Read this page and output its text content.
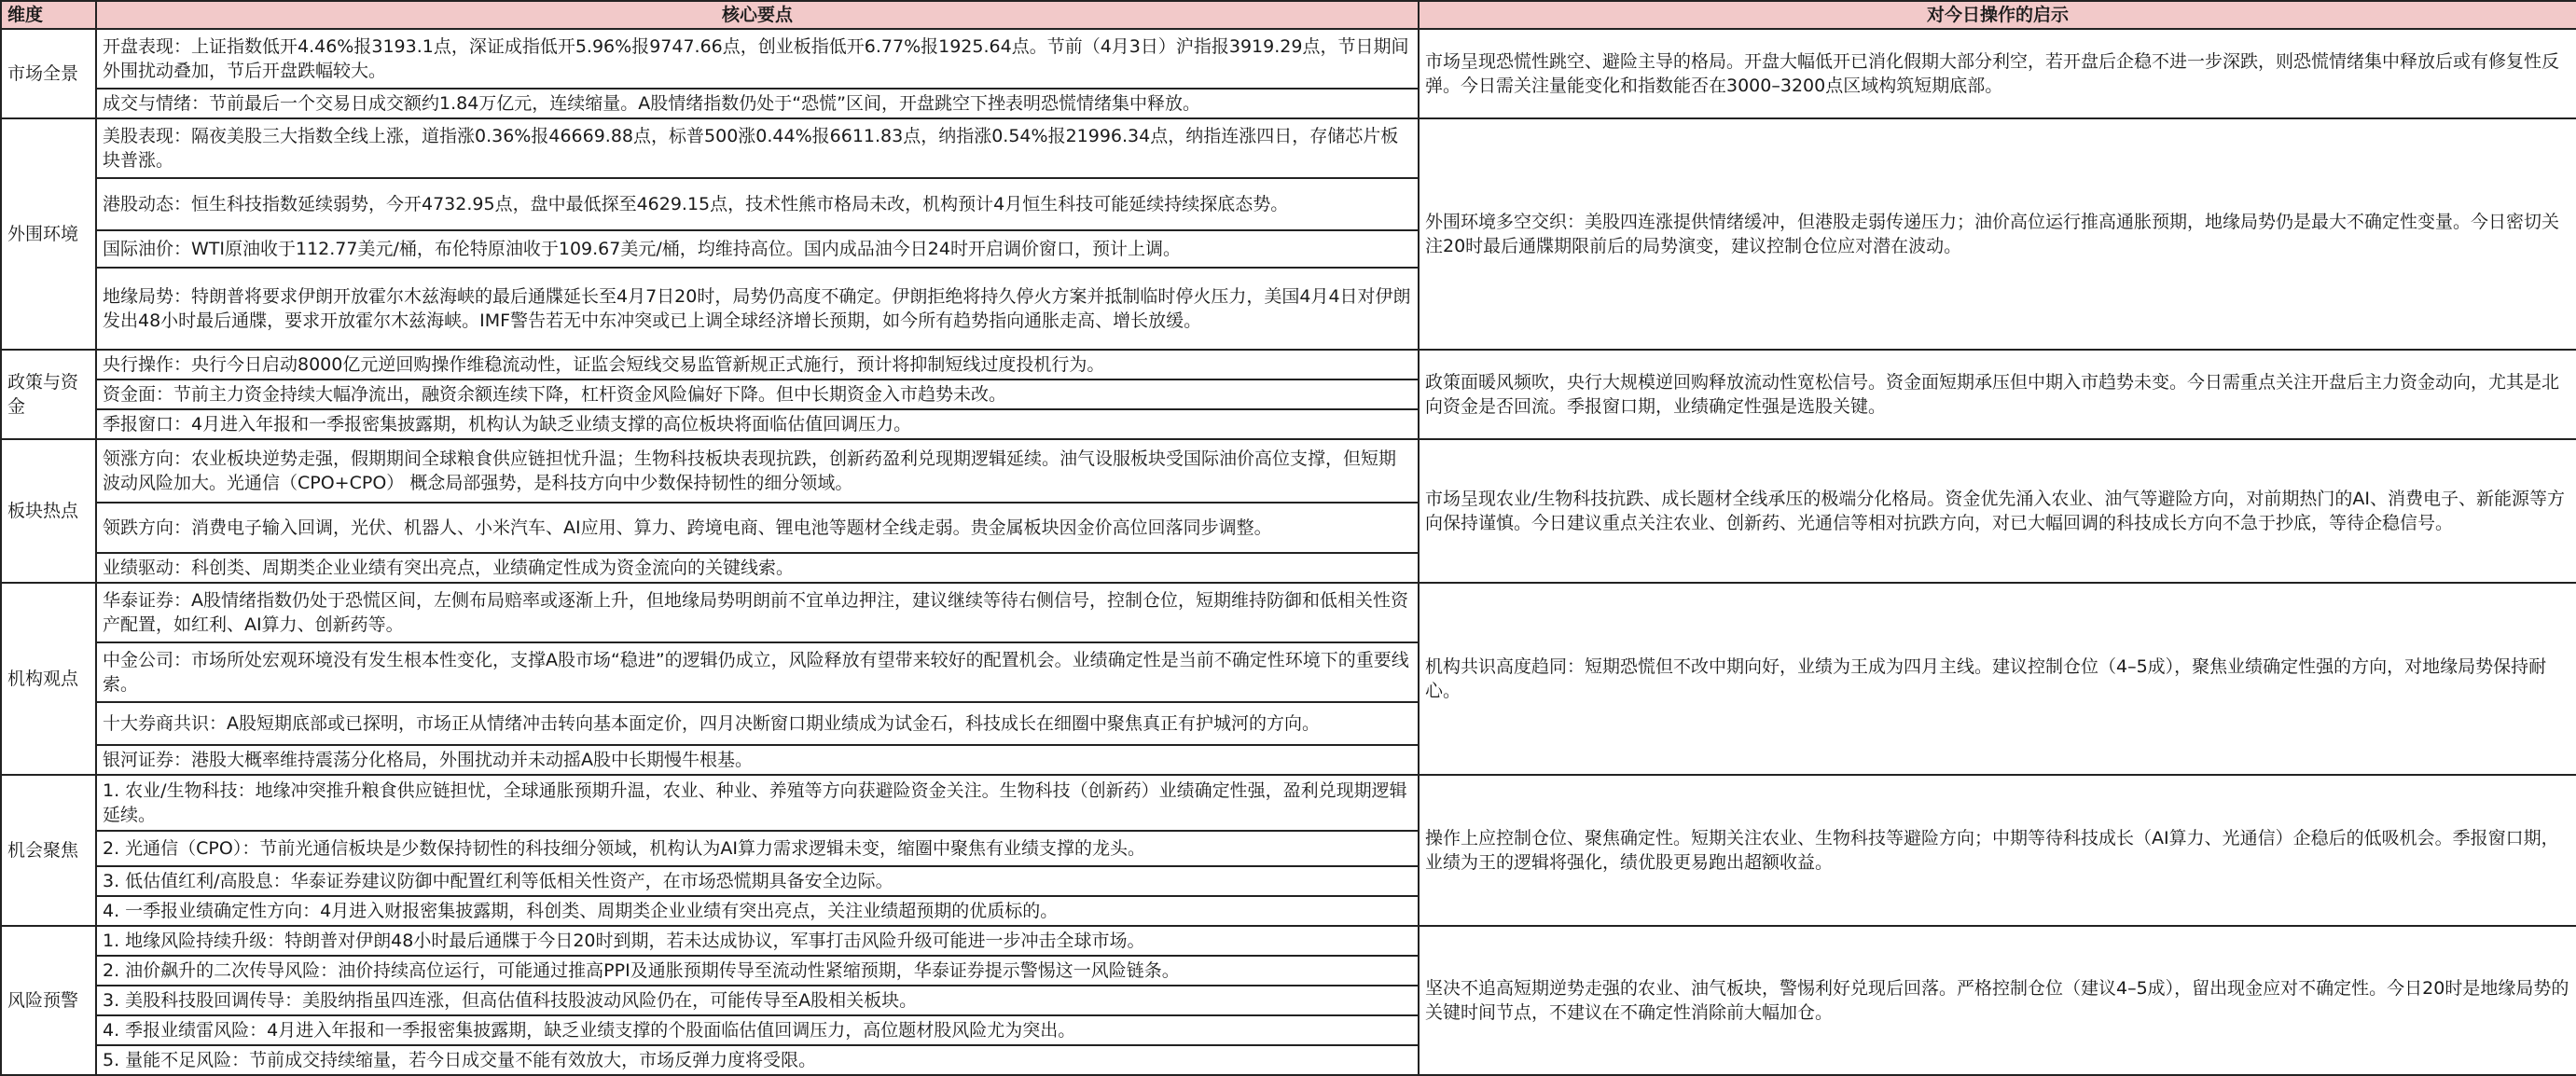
维度	核心要点	对今日操作的启示
市场全景	开盘表现：上证指数低开4.46%报3193.1点，深证成指低开5.96%报9747.66点，创业板指低开6.77%报1925.64点。节前（4月3日）沪指报3919.29点，节日期间外围扰动叠加，节后开盘跌幅较大。	市场呈现恐慌性跳空、避险主导的格局。开盘大幅低开已消化假期大部分利空，若开盘后企稳不进一步深跌，则恐慌情绪集中释放后或有修复性反弹。今日需关注量能变化和指数能否在3000–3200点区域构筑短期底部。
	成交与情绪：节前最后一个交易日成交额约1.84万亿元，连续缩量。A股情绪指数仍处于“恐慌”区间，开盘跳空下挫表明恐慌情绪集中释放。	
外围环境	美股表现：隔夜美股三大指数全线上涨，道指涨0.36%报46669.88点，标普500涨0.44%报6611.83点，纳指涨0.54%报21996.34点，纳指连涨四日，存储芯片板块普涨。	外围环境多空交织：美股四连涨提供情绪缓冲，但港股走弱传递压力；油价高位运行推高通胀预期，地缘局势仍是最大不确定性变量。今日密切关注20时最后通牒期限前后的局势演变，建议控制仓位应对潜在波动。
	港股动态：恒生科技指数延续弱势，今开4732.95点，盘中最低探至4629.15点，技术性熊市格局未改，机构预计4月恒生科技可能延续持续探底态势。	
	国际油价：WTI原油收于112.77美元/桶，布伦特原油收于109.67美元/桶，均维持高位。国内成品油今日24时开启调价窗口，预计上调。	
	地缘局势：特朗普将要求伊朗开放霍尔木兹海峡的最后通牒延长至4月7日20时，局势仍高度不确定。伊朗拒绝将持久停火方案并抵制临时停火压力，美国4月4日对伊朗发出48小时最后通牒，要求开放霍尔木兹海峡。IMF警告若无中东冲突或已上调全球经济增长预期，如今所有趋势指向通胀走高、增长放缓。	
政策与资金	央行操作：央行今日启动8000亿元逆回购操作维稳流动性，证监会短线交易监管新规正式施行，预计将抑制短线过度投机行为。	政策面暖风频吹，央行大规模逆回购释放流动性宽松信号。资金面短期承压但中期入市趋势未变。今日需重点关注开盘后主力资金动向，尤其是北向资金是否回流。季报窗口期，业绩确定性强是选股关键。
	资金面：节前主力资金持续大幅净流出，融资余额连续下降，杠杆资金风险偏好下降。但中长期资金入市趋势未改。	
	季报窗口：4月进入年报和一季报密集披露期，机构认为缺乏业绩支撑的高位板块将面临估值回调压力。	
板块热点	领涨方向：农业板块逆势走强，假期期间全球粮食供应链担忧升温；生物科技板块表现抗跌，创新药盈利兑现期逻辑延续。油气设服板块受国际油价高位支撑，但短期波动风险加大。光通信（CPO+CPO） 概念局部强势，是科技方向中少数保持韧性的细分领域。	市场呈现农业/生物科技抗跌、成长题材全线承压的极端分化格局。资金优先涌入农业、油气等避险方向，对前期热门的AI、消费电子、新能源等方向保持谨慎。今日建议重点关注农业、创新药、光通信等相对抗跌方向，对已大幅回调的科技成长方向不急于抄底，等待企稳信号。
	领跌方向：消费电子输入回调，光伏、机器人、小米汽车、AI应用、算力、跨境电商、锂电池等题材全线走弱。贵金属板块因金价高位回落同步调整。	
	业绩驱动：科创类、周期类企业业绩有突出亮点，业绩确定性成为资金流向的关键线索。	
机构观点	华泰证券：A股情绪指数仍处于恐慌区间，左侧布局赔率或逐渐上升，但地缘局势明朗前不宜单边押注，建议继续等待右侧信号，控制仓位，短期维持防御和低相关性资产配置，如红利、AI算力、创新药等。	机构共识高度趋同：短期恐慌但不改中期向好，业绩为王成为四月主线。建议控制仓位（4–5成），聚焦业绩确定性强的方向，对地缘局势保持耐心。
	中金公司：市场所处宏观环境没有发生根本性变化，支撑A股市场“稳进”的逻辑仍成立，风险释放有望带来较好的配置机会。业绩确定性是当前不确定性环境下的重要线索。	
	十大券商共识：A股短期底部或已探明，市场正从情绪冲击转向基本面定价，四月决断窗口期业绩成为试金石，科技成长在细圈中聚焦真正有护城河的方向。	
	银河证券：港股大概率维持震荡分化格局，外围扰动并未动摇A股中长期慢牛根基。	
机会聚焦	1. 农业/生物科技：地缘冲突推升粮食供应链担忧，全球通胀预期升温，农业、种业、养殖等方向获避险资金关注。生物科技（创新药）业绩确定性强，盈利兑现期逻辑延续。	操作上应控制仓位、聚焦确定性。短期关注农业、生物科技等避险方向；中期等待科技成长（AI算力、光通信）企稳后的低吸机会。季报窗口期，业绩为王的逻辑将强化，绩优股更易跑出超额收益。
	2. 光通信（CPO）：节前光通信板块是少数保持韧性的科技细分领域，机构认为AI算力需求逻辑未变，缩圈中聚焦有业绩支撑的龙头。	
	3. 低估值红利/高股息：华泰证券建议防御中配置红利等低相关性资产，在市场恐慌期具备安全边际。	
	4. 一季报业绩确定性方向：4月进入财报密集披露期，科创类、周期类企业业绩有突出亮点，关注业绩超预期的优质标的。	
风险预警	1. 地缘风险持续升级：特朗普对伊朗48小时最后通牒于今日20时到期，若未达成协议，军事打击风险升级可能进一步冲击全球市场。	坚决不追高短期逆势走强的农业、油气板块，警惕利好兑现后回落。严格控制仓位（建议4–5成），留出现金应对不确定性。今日20时是地缘局势的关键时间节点，不建议在不确定性消除前大幅加仓。
	2. 油价飙升的二次传导风险：油价持续高位运行，可能通过推高PPI及通胀预期传导至流动性紧缩预期，华泰证券提示警惕这一风险链条。	
	3. 美股科技股回调传导：美股纳指虽四连涨，但高估值科技股波动风险仍在，可能传导至A股相关板块。	
	4. 季报业绩雷风险：4月进入年报和一季报密集披露期，缺乏业绩支撑的个股面临估值回调压力，高位题材股风险尤为突出。	
	5. 量能不足风险：节前成交持续缩量，若今日成交量不能有效放大，市场反弹力度将受限。	
